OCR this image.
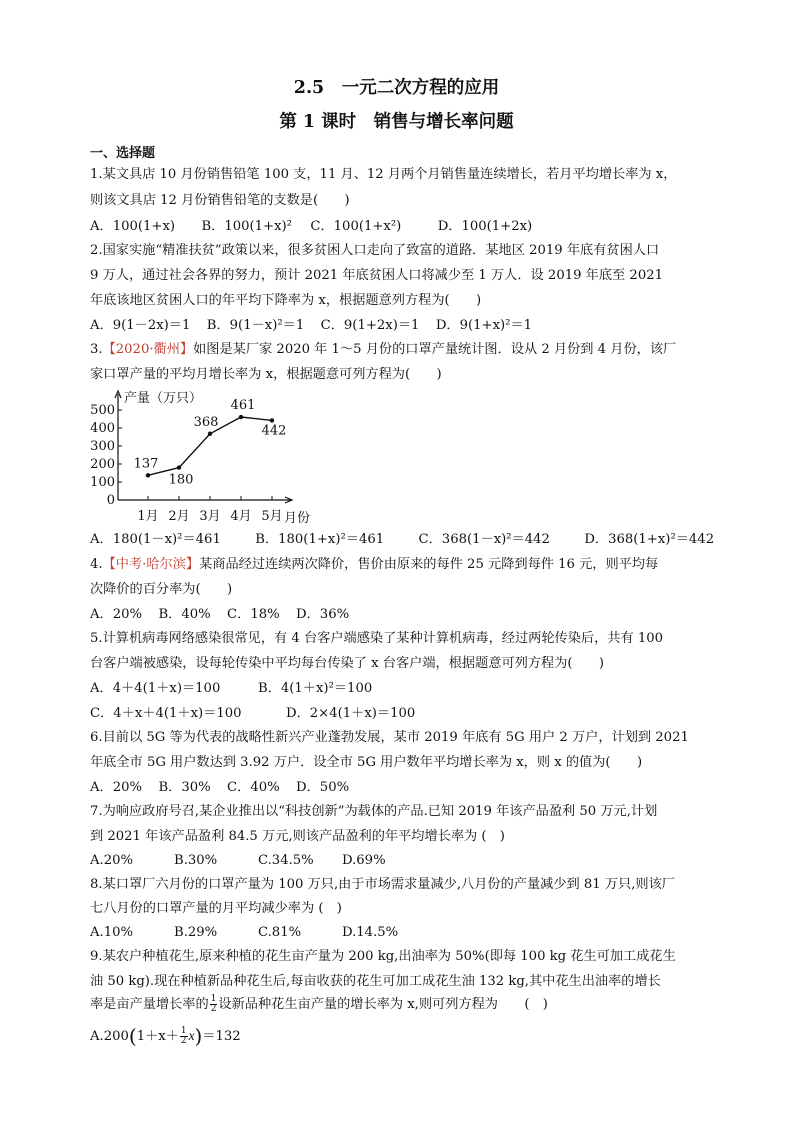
2.5　一元二次方程的应用
第 1 课时　销售与增长率问题
一、选择题
1.某文具店 10 月份销售铅笔 100 支，11 月、12 月两个月销售量连续增长，若月平均增长率为 x，
则该文具店 12 月份销售铅笔的支数是(　　)
A．100(1+x) B．100(1+x)² C．100(1+x²)	D．100(1+2x)
2.国家实施“精准扶贫”政策以来，很多贫困人口走向了致富的道路．某地区 2019 年底有贫困人口
9 万人，通过社会各界的努力，预计 2021 年底贫困人口将减少至 1 万人．设 2019 年底至 2021
年底该地区贫困人口的年平均下降率为 x，根据题意列方程为(　　)
A．9(1－2x)＝1 B．9(1－x)²＝1 C．9(1+2x)＝1 D．9(1+x)²＝1
3.【2020·衢州】如图是某厂家 2020 年 1～5 月份的口罩产量统计图．设从 2 月份到 4 月份，该厂
家口罩产量的平均月增长率为 x，根据题意可列方程为(　　)
0
100
200
300
400
500
产量（万只）
1月 2月 3月 4月 5月 月份
137
180
368
461
442
A．180(1－x)²＝461	B．180(1+x)²＝461	C．368(1－x)²＝442	D．368(1+x)²＝442
4.【中考·哈尔滨】某商品经过连续两次降价，售价由原来的每件 25 元降到每件 16 元，则平均每
次降价的百分率为(　　)
A．20% B．40% C．18% D．36%
5.计算机病毒网络感染很常见，有 4 台客户端感染了某种计算机病毒，经过两轮传染后，共有 100
台客户端被感染，设每轮传染中平均每台传染了 x 台客户端，根据题意可列方程为(　　)
A．4＋4(1＋x)＝100	B．4(1＋x)²＝100
C．4＋x＋4(1＋x)＝100	D．2×4(1＋x)＝100
6.目前以 5G 等为代表的战略性新兴产业蓬勃发展，某市 2019 年底有 5G 用户 2 万户，计划到 2021
年底全市 5G 用户数达到 3.92 万户．设全市 5G 用户数年平均增长率为 x，则 x 的值为(　　)
A．20% B．30% C．40% D．50%
7.为响应政府号召,某企业推出以“科技创新”为载体的产品.已知 2019 年该产品盈利 50 万元,计划
到 2021 年该产品盈利 84.5 万元,则该产品盈利的年平均增长率为 (　)
A.20%	B.30%	C.34.5% D.69%
8.某口罩厂六月份的口罩产量为 100 万只,由于市场需求量减少,八月份的产量减少到 81 万只,则该厂
七八月份的口罩产量的月平均减少率为 (　)
A.10%	B.29%	C.81%	D.14.5%
9.某农户种植花生,原来种植的花生亩产量为 200 kg,出油率为 50%(即每 100 kg 花生可加工成花生
油 50 kg).现在种植新品种花生后,每亩收获的花生可加工成花生油 132 kg,其中花生出油率的增长
率是亩产量增长率的 $\frac{1}{2}$ 设新品种花生亩产量的增长率为 x,则可列方程为　　(　)
$A.200(1+x+ \frac{1}{2} x)=132$
